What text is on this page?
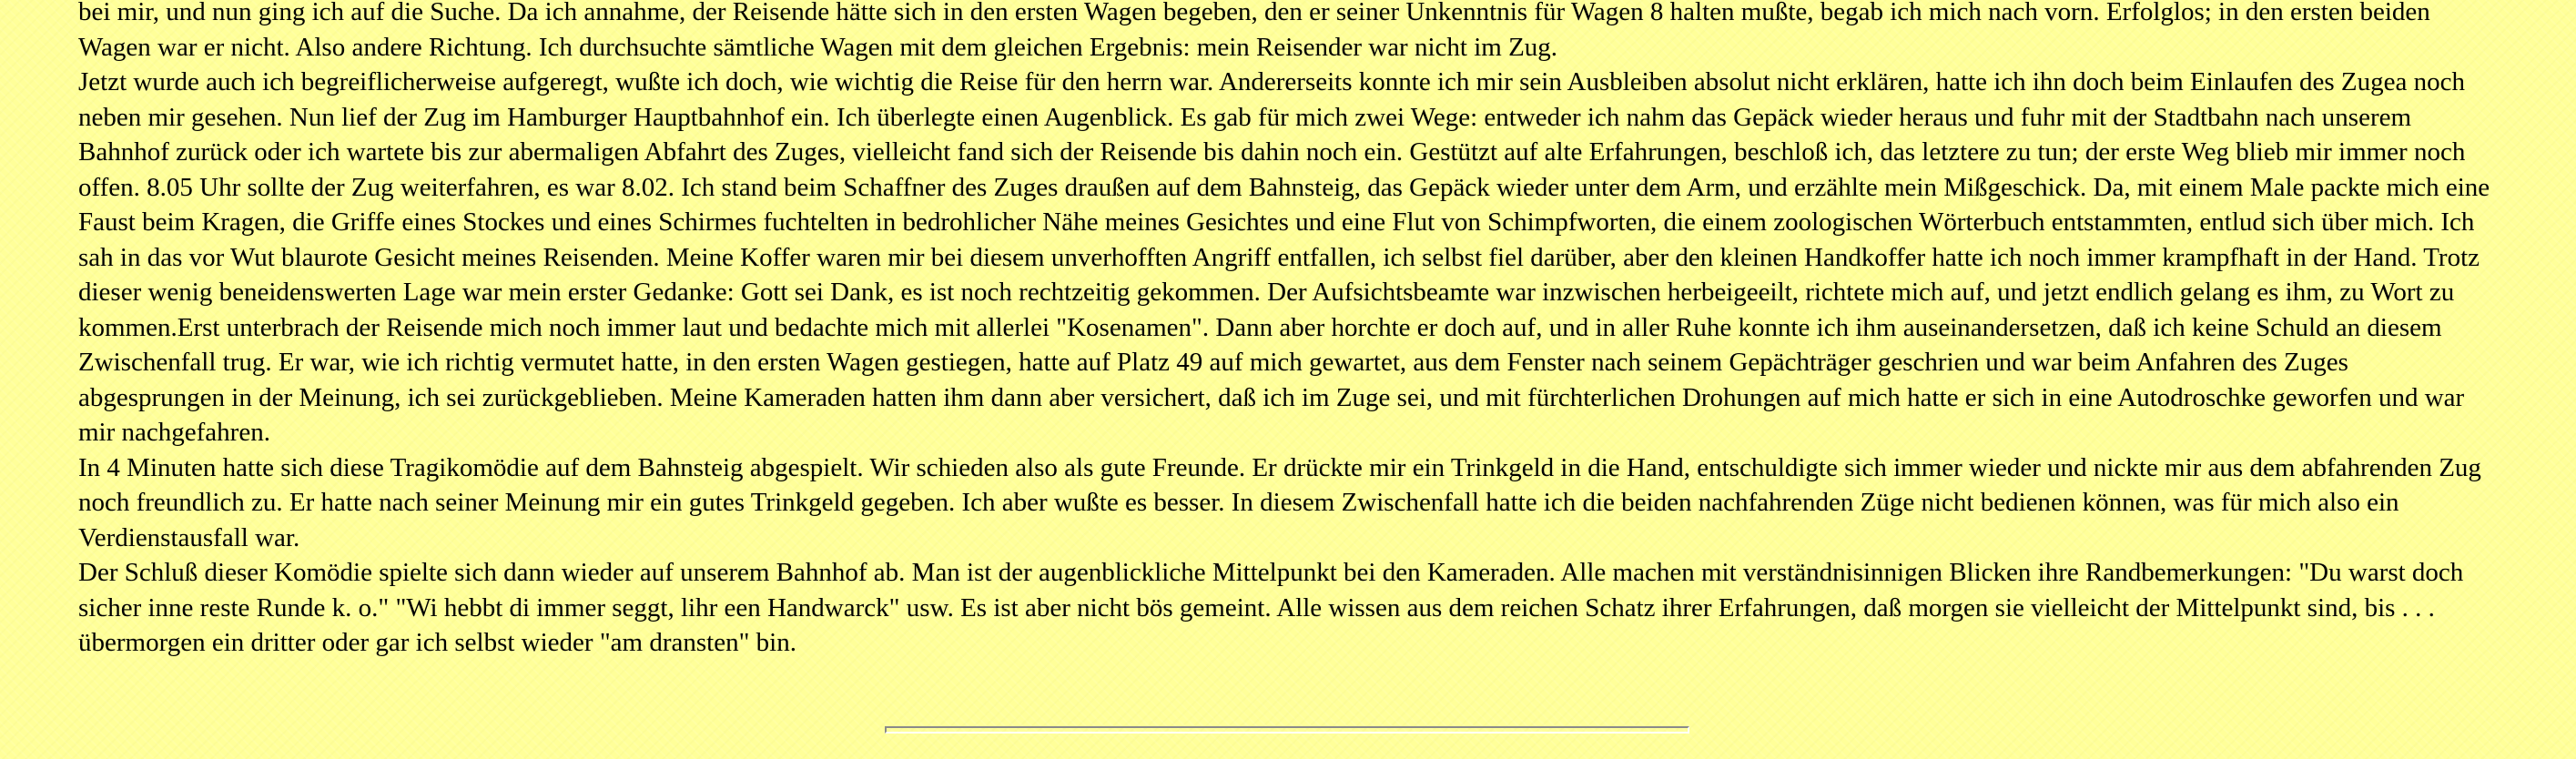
bei mir, und nun ging ich auf die Suche. Da ich annahme, der Reisende hätte sich in den ersten Wagen begeben, den er seiner Unkenntnis für Wagen 8 halten mußte, begab ich mich nach vorn. Erfolglos; in den ersten beiden Wagen war er nicht. Also andere Richtung. Ich durchsuchte sämtliche Wagen mit dem gleichen Ergebnis: mein Reisender war nicht im Zug.

Jetzt wurde auch ich begreiflicherweise aufgeregt, wußte ich doch, wie wichtig die Reise für den herrn war. Andererseits konnte ich mir sein Ausbleiben absolut nicht erklären, hatte ich ihn doch beim Einlaufen des Zugea noch neben mir gesehen. Nun lief der Zug im Hamburger Hauptbahnhof ein. Ich überlegte einen Augenblick. Es gab für mich zwei Wege: entweder ich nahm das Gepäck wieder heraus und fuhr mit der Stadtbahn nach unserem Bahnhof zurück oder ich wartete bis zur abermaligen Abfahrt des Zuges, vielleicht fand sich der Reisende bis dahin noch ein. Gestützt auf alte Erfahrungen, beschloß ich, das letztere zu tun; der erste Weg blieb mir immer noch offen. 8.05 Uhr sollte der Zug weiterfahren, es war 8.02. Ich stand beim Schaffner des Zuges draußen auf dem Bahnsteig, das Gepäck wieder unter dem Arm, und erzählte mein Mißgeschick. Da, mit einem Male packte mich eine Faust beim Kragen, die Griffe eines Stockes und eines Schirmes fuchtelten in bedrohlicher Nähe meines Gesichtes und eine Flut von Schimpfworten, die einem zoologischen Wörterbuch entstammten, entlud sich über mich. Ich sah in das vor Wut blaurote Gesicht meines Reisenden. Meine Koffer waren mir bei diesem unverhofften Angriff entfallen, ich selbst fiel darüber, aber den kleinen Handkoffer hatte ich noch immer krampfhaft in der Hand. Trotz dieser wenig beneidenswerten Lage war mein erster Gedanke: Gott sei Dank, es ist noch rechtzeitig gekommen. Der Aufsichtsbeamte war inzwischen herbeigeeilt, richtete mich auf, und jetzt endlich gelang es ihm, zu Wort zu kommen.Erst unterbrach der Reisende mich noch immer laut und bedachte mich mit allerlei "Kosenamen". Dann aber horchte er doch auf, und in aller Ruhe konnte ich ihm auseinandersetzen, daß ich keine Schuld an diesem Zwischenfall trug. Er war, wie ich richtig vermutet hatte, in den ersten Wagen gestiegen, hatte auf Platz 49 auf mich gewartet, aus dem Fenster nach seinem Gepächträger geschrien und war beim Anfahren des Zuges abgesprungen in der Meinung, ich sei zurückgeblieben. Meine Kameraden hatten ihm dann aber versichert, daß ich im Zuge sei, und mit fürchterlichen Drohungen auf mich hatte er sich in eine Autodroschke geworfen und war mir nachgefahren.

In 4 Minuten hatte sich diese Tragikomödie auf dem Bahnsteig abgespielt. Wir schieden also als gute Freunde. Er drückte mir ein Trinkgeld in die Hand, entschuldigte sich immer wieder und nickte mir aus dem abfahrenden Zug noch freundlich zu. Er hatte nach seiner Meinung mir ein gutes Trinkgeld gegeben. Ich aber wußte es besser. In diesem Zwischenfall hatte ich die beiden nachfahrenden Züge nicht bedienen können, was für mich also ein Verdienstausfall war.

Der Schluß dieser Komödie spielte sich dann wieder auf unserem Bahnhof ab. Man ist der augenblickliche Mittelpunkt bei den Kameraden. Alle machen mit verständnisinnigen Blicken ihre Randbemerkungen: "Du warst doch sicher inne reste Runde k. o." "Wi hebbt di immer seggt, lihr een Handwarck" usw. Es ist aber nicht bös gemeint. Alle wissen aus dem reichen Schatz ihrer Erfahrungen, daß morgen sie vielleicht der Mittelpunkt sind, bis . . . übermorgen ein dritter oder gar ich selbst wieder "am dransten" bin.
